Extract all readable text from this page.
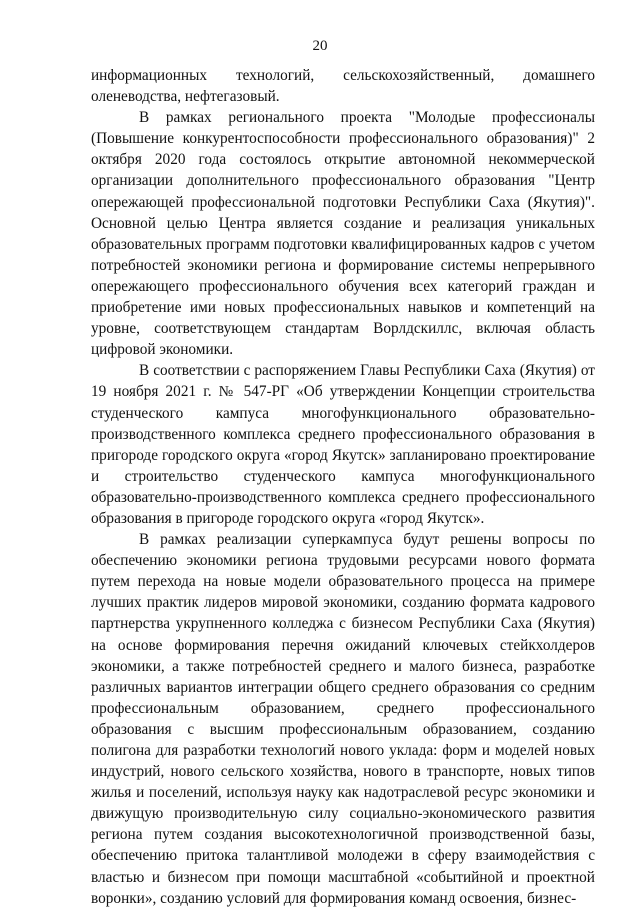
20

информационных технологий, сельскохозяйственный, домашнего оленеводства, нефтегазовый.

В рамках регионального проекта "Молодые профессионалы (Повышение конкурентоспособности профессионального образования)" 2 октября 2020 года состоялось открытие автономной некоммерческой организации дополнительного профессионального образования "Центр опережающей профессиональной подготовки Республики Саха (Якутия)". Основной целью Центра является создание и реализация уникальных образовательных программ подготовки квалифицированных кадров с учетом потребностей экономики региона и формирование системы непрерывного опережающего профессионального обучения всех категорий граждан и приобретение ими новых профессиональных навыков и компетенций на уровне, соответствующем стандартам Ворлдскиллс, включая область цифровой экономики.

В соответствии с распоряжением Главы Республики Саха (Якутия) от 19 ноября 2021 г. № 547-РГ «Об утверждении Концепции строительства студенческого кампуса многофункционального образовательно-производственного комплекса среднего профессионального образования в пригороде городского округа «город Якутск» запланировано проектирование и строительство студенческого кампуса многофункционального образовательно-производственного комплекса среднего профессионального образования в пригороде городского округа «город Якутск».

В рамках реализации суперкампуса будут решены вопросы по обеспечению экономики региона трудовыми ресурсами нового формата путем перехода на новые модели образовательного процесса на примере лучших практик лидеров мировой экономики, созданию формата кадрового партнерства укрупненного колледжа с бизнесом Республики Саха (Якутия) на основе формирования перечня ожиданий ключевых стейкхолдеров экономики, а также потребностей среднего и малого бизнеса, разработке различных вариантов интеграции общего среднего образования со средним профессиональным образованием, среднего профессионального образования с высшим профессиональным образованием, созданию полигона для разработки технологий нового уклада: форм и моделей новых индустрий, нового сельского хозяйства, нового в транспорте, новых типов жилья и поселений, используя науку как надотраслевой ресурс экономики и движущую производительную силу социально-экономического развития региона путем создания высокотехнологичной производственной базы, обеспечению притока талантливой молодежи в сферу взаимодействия с властью и бизнесом при помощи масштабной «событийной и проектной воронки», созданию условий для формирования команд освоения, бизнес-
